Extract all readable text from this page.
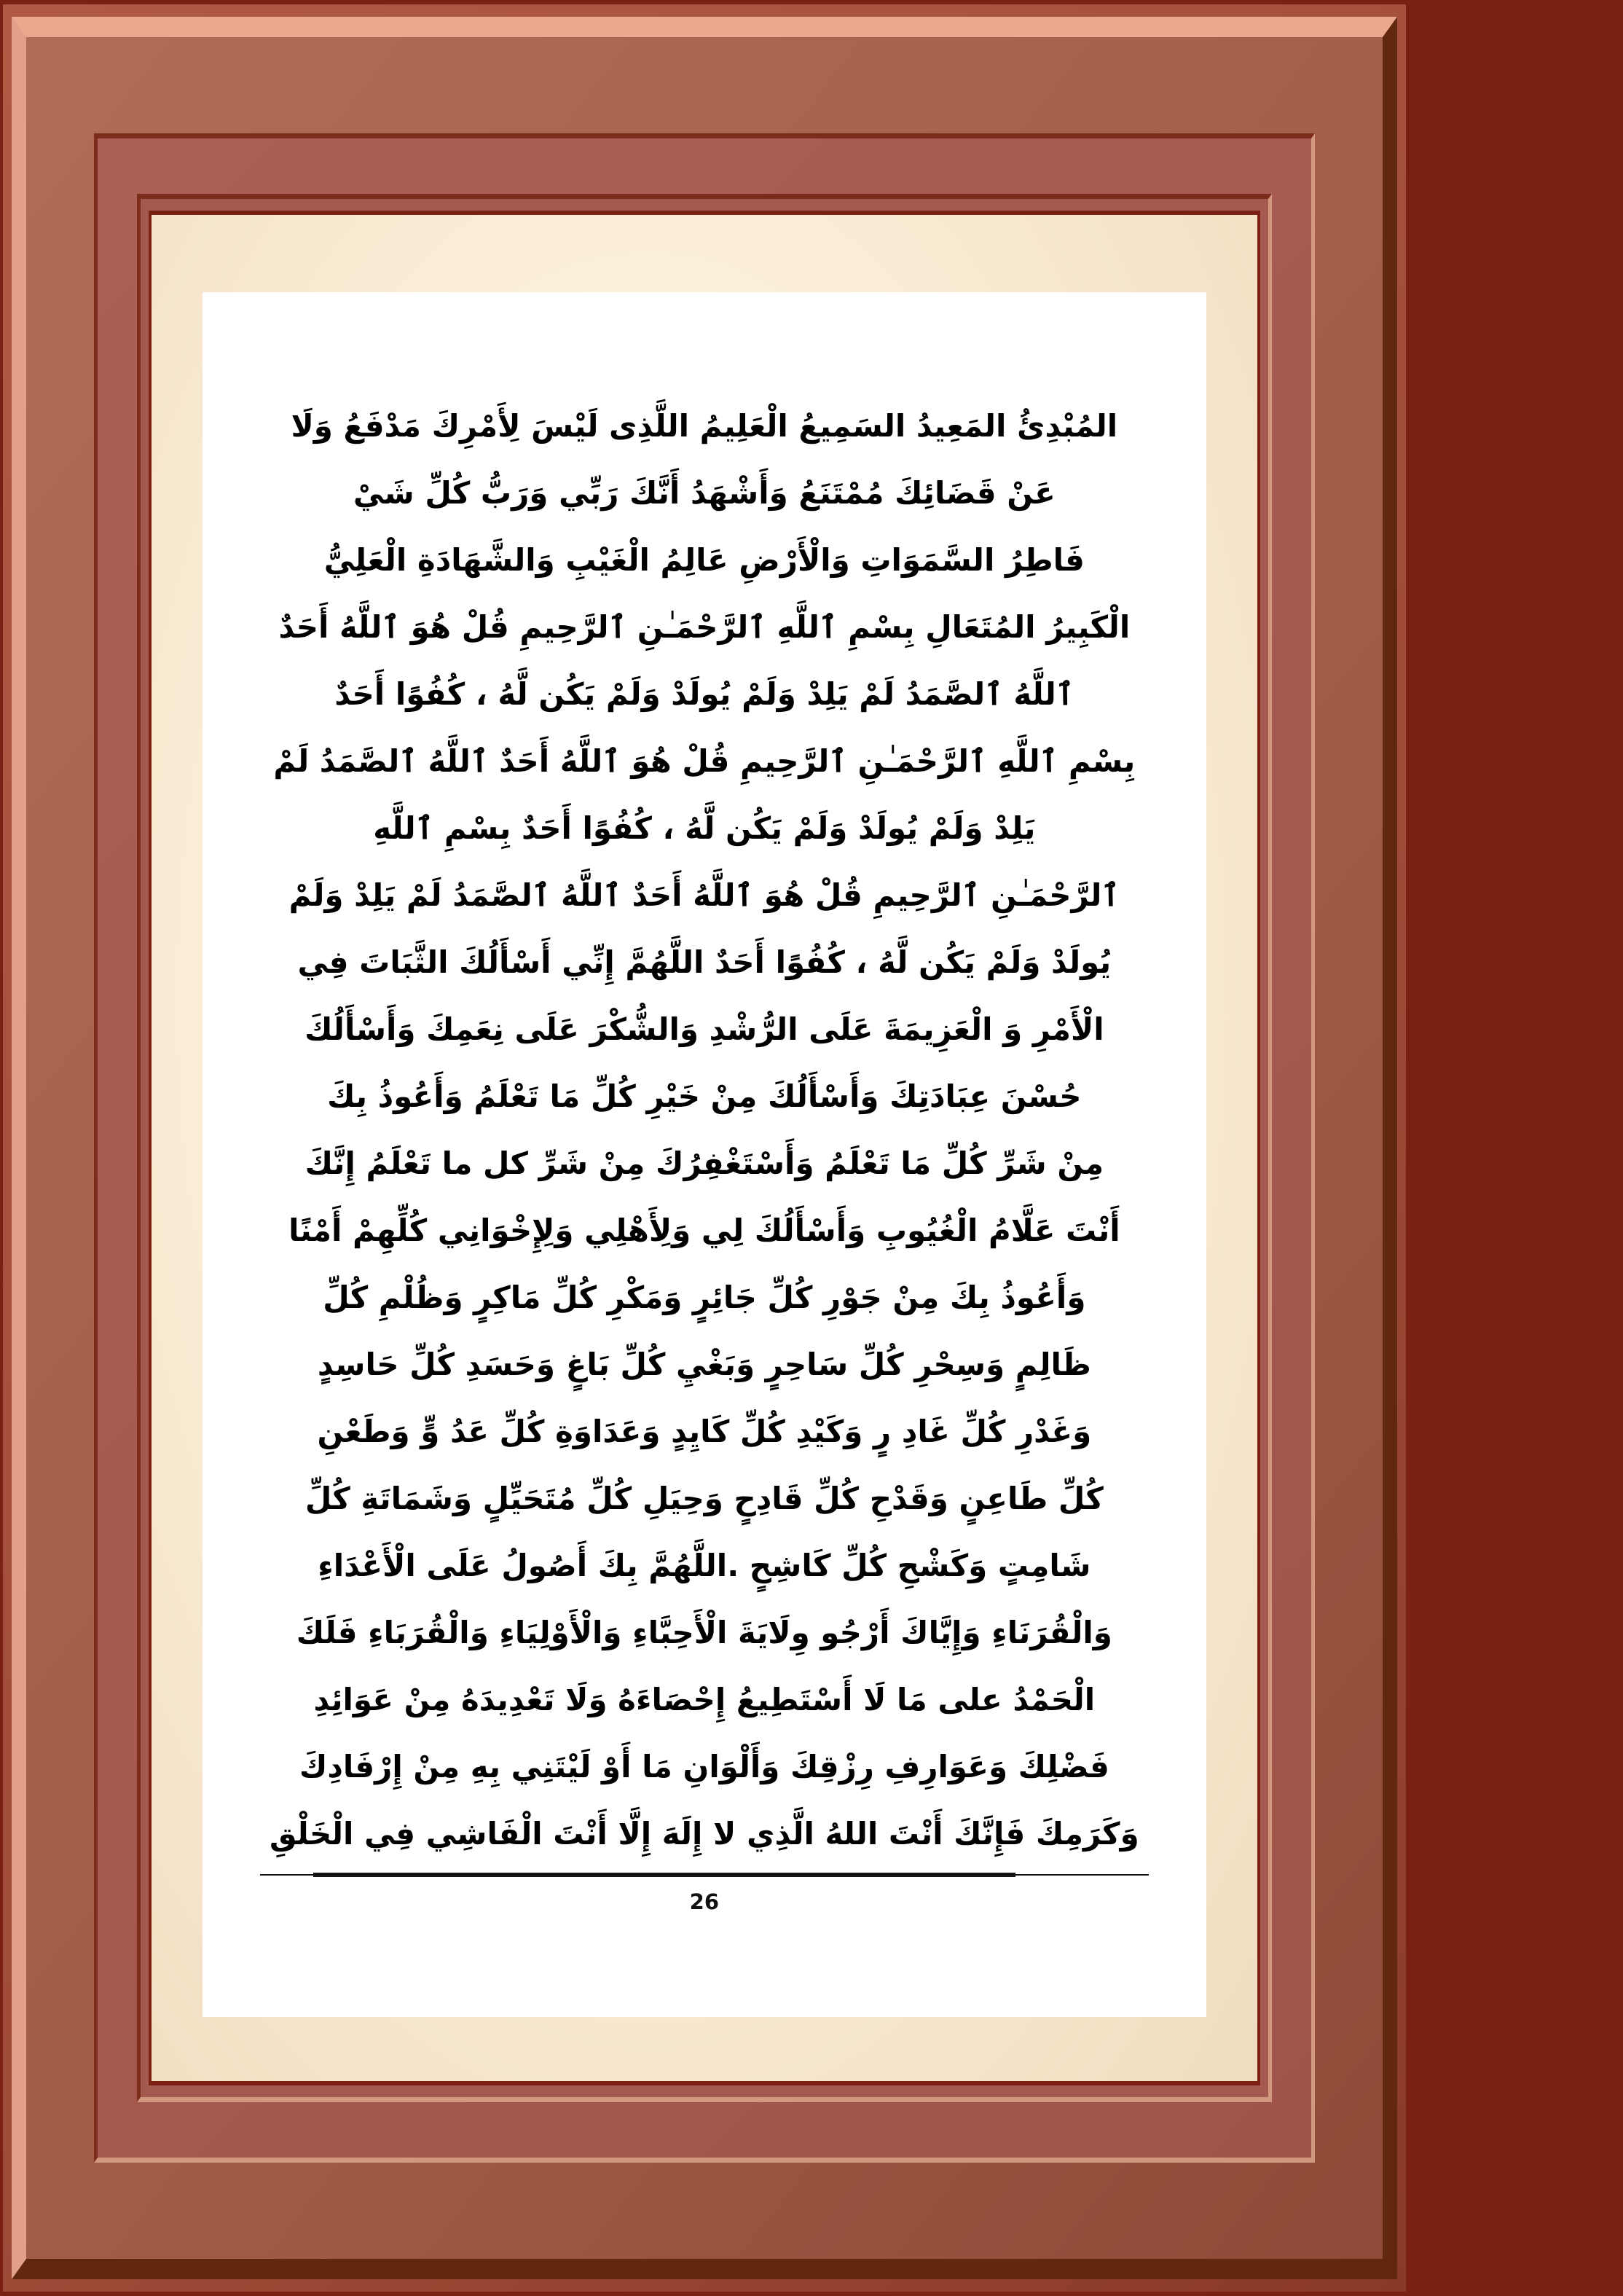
المُبْدِئُ المَعِيدُ السَمِيعُ الْعَلِيمُ اللَّذِى لَيْسَ لِأَمْرِكَ مَدْفَعُ وَلَا
عَنْ قَضَائِكَ مُمْتَنَعُ وَأَشْهَدُ أَنَّكَ رَبِّي وَرَبُّ كُلِّ شَيْ
فَاطِرُ السَّمَوَاتِ وَالْأَرْضِ عَالِمُ الْغَيْبِ وَالشَّهَادَةِ الْعَلِيُّ
الْكَبِيرُ المُتَعَالِ بِسْمِ ٱللَّهِ ٱلرَّحْمَـٰنِ ٱلرَّحِيمِ قُلْ هُوَ ٱللَّهُ أَحَدٌ
ٱللَّهُ ٱلصَّمَدُ لَمْ يَلِدْ وَلَمْ يُولَدْ وَلَمْ يَكُن لَّهُ ، كُفُوًا أَحَدٌ
بِسْمِ ٱللَّهِ ٱلرَّحْمَـٰنِ ٱلرَّحِيمِ قُلْ هُوَ ٱللَّهُ أَحَدٌ ٱللَّهُ ٱلصَّمَدُ لَمْ
يَلِدْ وَلَمْ يُولَدْ وَلَمْ يَكُن لَّهُ ، كُفُوًا أَحَدٌ بِسْمِ ٱللَّهِ
ٱلرَّحْمَـٰنِ ٱلرَّحِيمِ قُلْ هُوَ ٱللَّهُ أَحَدٌ ٱللَّهُ ٱلصَّمَدُ لَمْ يَلِدْ وَلَمْ
يُولَدْ وَلَمْ يَكُن لَّهُ ، كُفُوًا أَحَدٌ اللَّهُمَّ إِنِّي أَسْأَلُكَ الثَّبَاتَ فِي
الْأَمْرِ وَ الْعَزِيمَةَ عَلَى الرُّشْدِ وَالشُّكْرَ عَلَى نِعَمِكَ وَأَسْأَلُكَ
حُسْنَ عِبَادَتِكَ وَأَسْأَلُكَ مِنْ خَيْرِ كُلِّ مَا تَعْلَمُ وَأَعُوذُ بِكَ
مِنْ شَرِّ كُلِّ مَا تَعْلَمُ وَأَسْتَغْفِرُكَ مِنْ شَرِّ كل ما تَعْلَمُ إِنَّكَ
أَنْتَ عَلَّامُ الْغُيُوبِ وَأَسْأَلُكَ لِي وَلِأَهْلِي وَلِإِخْوَانِي كُلِّهِمْ أَمْنًا
وَأَعُوذُ بِكَ مِنْ جَوْرِ كُلِّ جَائِرٍ وَمَكْرِ كُلِّ مَاكِرٍ وَظُلْمِ كُلِّ
ظَالِمٍ وَسِحْرِ كُلِّ سَاحِرٍ وَبَغْيِ كُلِّ بَاغٍ وَحَسَدِ كُلِّ حَاسِدٍ
وَغَدْرِ كُلِّ غَادِ رٍ وَكَيْدِ كُلِّ كَايِدٍ وَعَدَاوَةِ كُلِّ عَدُ وٍّ وَطَعْنِ
كُلِّ طَاعِنٍ وَقَدْحِ كُلِّ قَادِحٍ وَحِيَلِ كُلِّ مُتَحَيِّلٍ وَشَمَاتَةِ كُلِّ
شَامِتٍ وَكَشْحِ كُلِّ كَاشِحٍ .اللَّهُمَّ بِكَ أَصُولُ عَلَى الْأَعْدَاءِ
وَالْقُرَنَاءِ وَإِيَّاكَ أَرْجُو وِلَايَةَ الْأَحِبَّاءِ وَالْأَوْلِيَاءِ وَالْقُرَبَاءِ فَلَكَ
الْحَمْدُ على مَا لَا أَسْتَطِيعُ إِحْصَاءَهُ وَلَا تَعْدِيدَهُ مِنْ عَوَائِدِ
فَضْلِكَ وَعَوَارِفِ رِزْقِكَ وَأَلْوَانِ مَا أَوْ لَيْتَنِي بِهِ مِنْ إِرْفَادِكَ
وَكَرَمِكَ فَإِنَّكَ أَنْتَ اللهُ الَّذِي لا إِلَهَ إِلَّا أَنْتَ الْفَاشِي فِي الْخَلْقِ
26
